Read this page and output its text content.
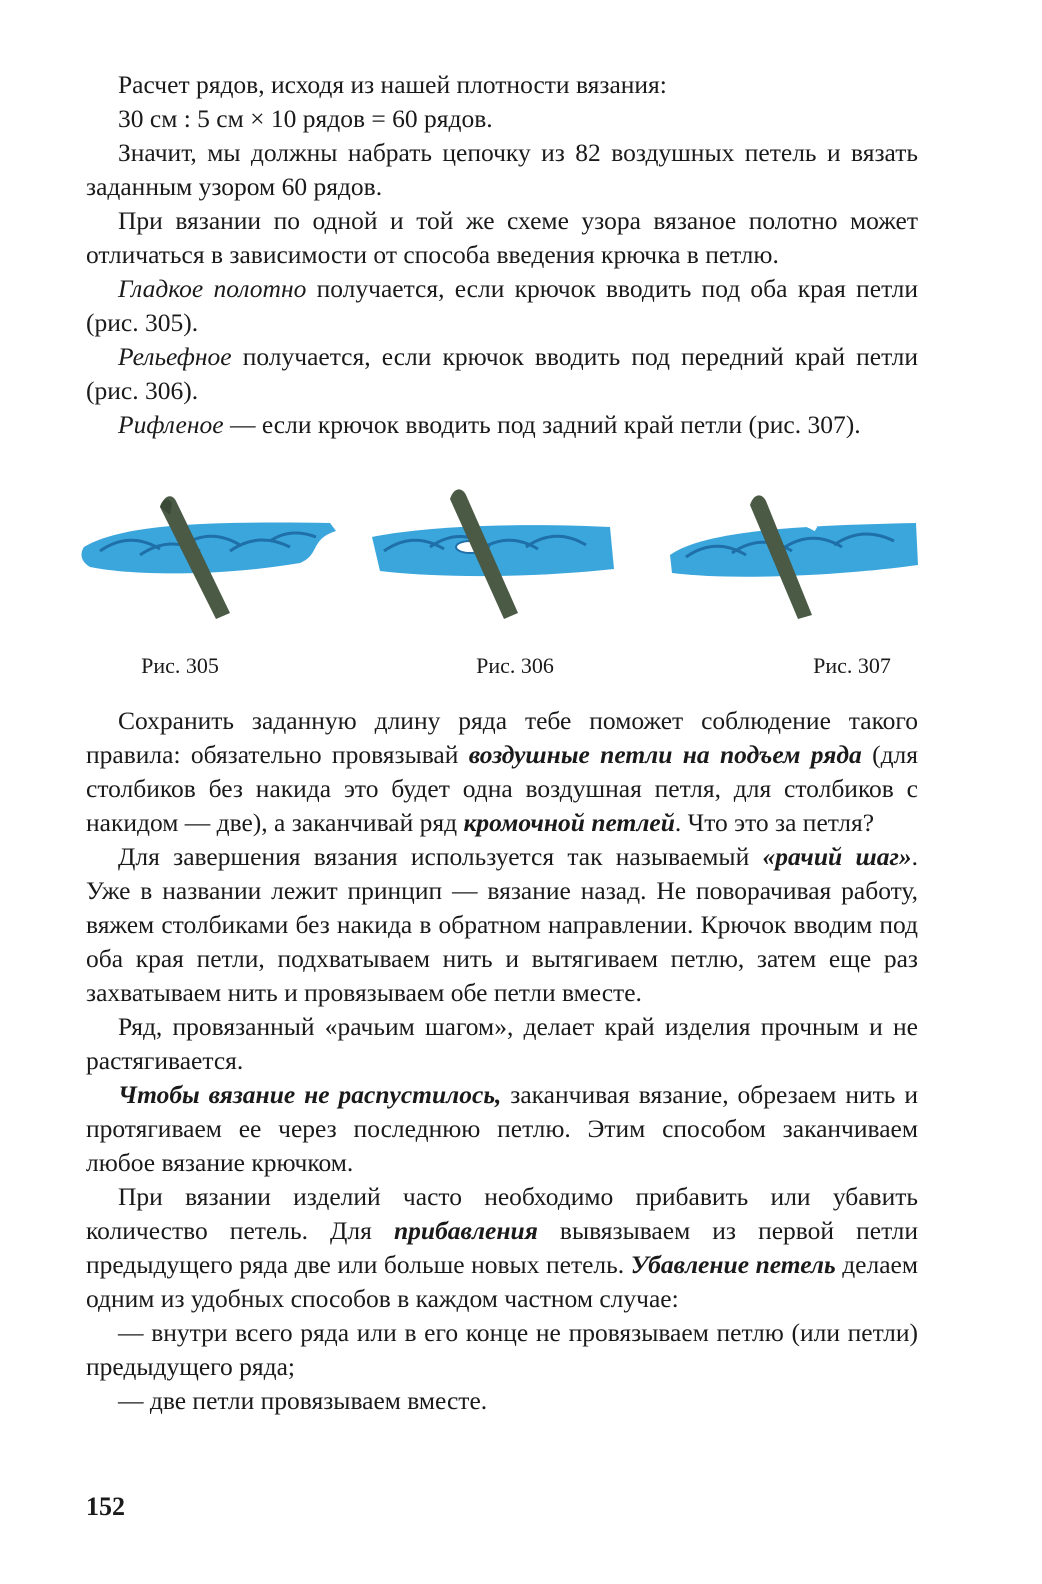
Расчет рядов, исходя из нашей плотности вязания:

30 см : 5 см × 10 рядов = 60 рядов.

Значит, мы должны набрать цепочку из 82 воздушных петель и вязать заданным узором 60 рядов.

При вязании по одной и той же схеме узора вязаное полотно может отличаться в зависимости от способа введения крючка в петлю.

Гладкое полотно получается, если крючок вводить под оба края петли (рис. 305).

Рельефное получается, если крючок вводить под передний край петли (рис. 306).

Рифленое — если крючок вводить под задний край петли (рис. 307).

Рис. 305	Рис. 306	Рис. 307

Сохранить заданную длину ряда тебе поможет соблюдение такого правила: обязательно провязывай воздушные петли на подъем ряда (для столбиков без накида это будет одна воздушная петля, для столбиков с накидом — две), а заканчивай ряд кромочной петлей. Что это за петля?

Для завершения вязания используется так называемый «рачий шаг». Уже в названии лежит принцип — вязание назад. Не поворачивая работу, вяжем столбиками без накида в обратном направлении. Крючок вводим под оба края петли, подхватываем нить и вытягиваем петлю, затем еще раз захватываем нить и провязываем обе петли вместе.

Ряд, провязанный «рачьим шагом», делает край изделия прочным и не растягивается.

Чтобы вязание не распустилось, заканчивая вязание, обрезаем нить и протягиваем ее через последнюю петлю. Этим способом заканчиваем любое вязание крючком.

При вязании изделий часто необходимо прибавить или убавить количество петель. Для прибавления вывязываем из первой петли предыдущего ряда две или больше новых петель. Убавление петель делаем одним из удобных способов в каждом частном случае:

— внутри всего ряда или в его конце не провязываем петлю (или петли) предыдущего ряда;

— две петли провязываем вместе.

152
